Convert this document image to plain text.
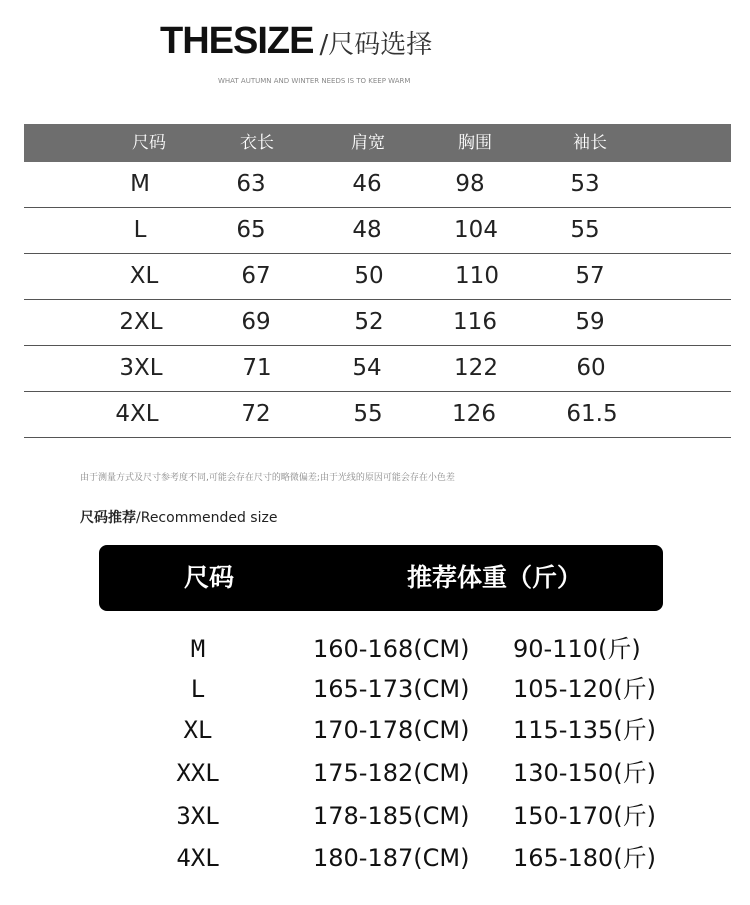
THESIZE /尺码选择
WHAT AUTUMN AND WINTER NEEDS IS TO KEEP WARM
尺码	衣长	肩宽	胸围	袖长
M	63	46	98	53
L	65	48	104	55
XL	67	50	110	57
2XL	69	52	116	59
3XL	71	54	122	60
4XL	72	55	126	61.5
由于测量方式及尺寸参考度不同,可能会存在尺寸的略微偏差;由于光线的原因可能会存在小色差
尺码推荐/Recommended size
尺码	推荐体重（斤）
M	160-168(CM) 90-110(斤)
L	165-173(CM) 105-120(斤)
XL	170-178(CM) 115-135(斤)
XXL	175-182(CM) 130-150(斤)
3XL	178-185(CM) 150-170(斤)
4XL	180-187(CM) 165-180(斤)
